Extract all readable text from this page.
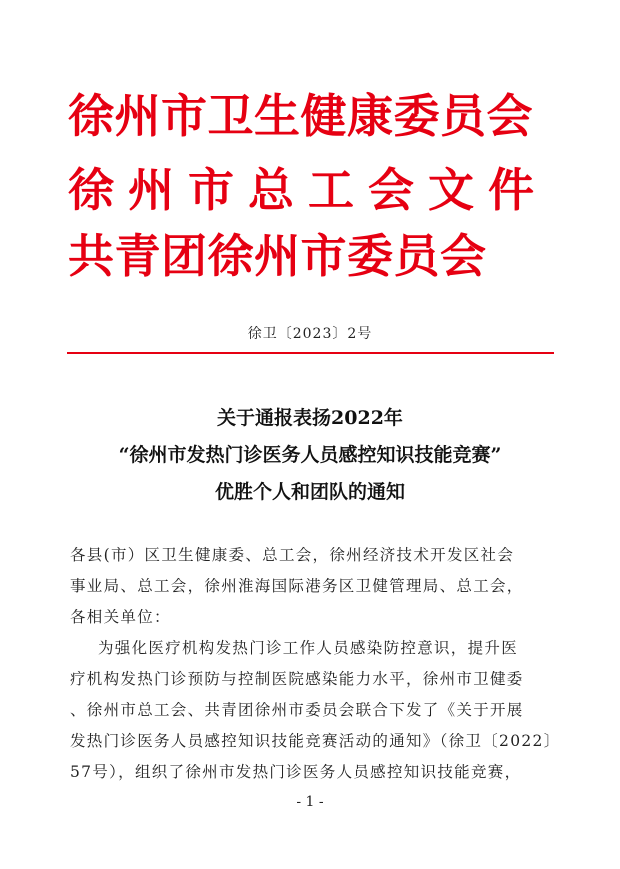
徐州市卫生健康委员会
徐州市总工会文件
共青团徐州市委员会
徐卫〔2023〕2号
关于通报表扬2022年
“徐州市发热门诊医务人员感控知识技能竞赛”
优胜个人和团队的通知
各县(市）区卫生健康委、总工会，徐州经济技术开发区社会
事业局、总工会，徐州淮海国际港务区卫健管理局、总工会，
各相关单位：
为强化医疗机构发热门诊工作人员感染防控意识，提升医
疗机构发热门诊预防与控制医院感染能力水平，徐州市卫健委
、徐州市总工会、共青团徐州市委员会联合下发了《关于开展
发热门诊医务人员感控知识技能竞赛活动的通知》（徐卫〔2022〕
57号），组织了徐州市发热门诊医务人员感控知识技能竞赛，
- 1 -
